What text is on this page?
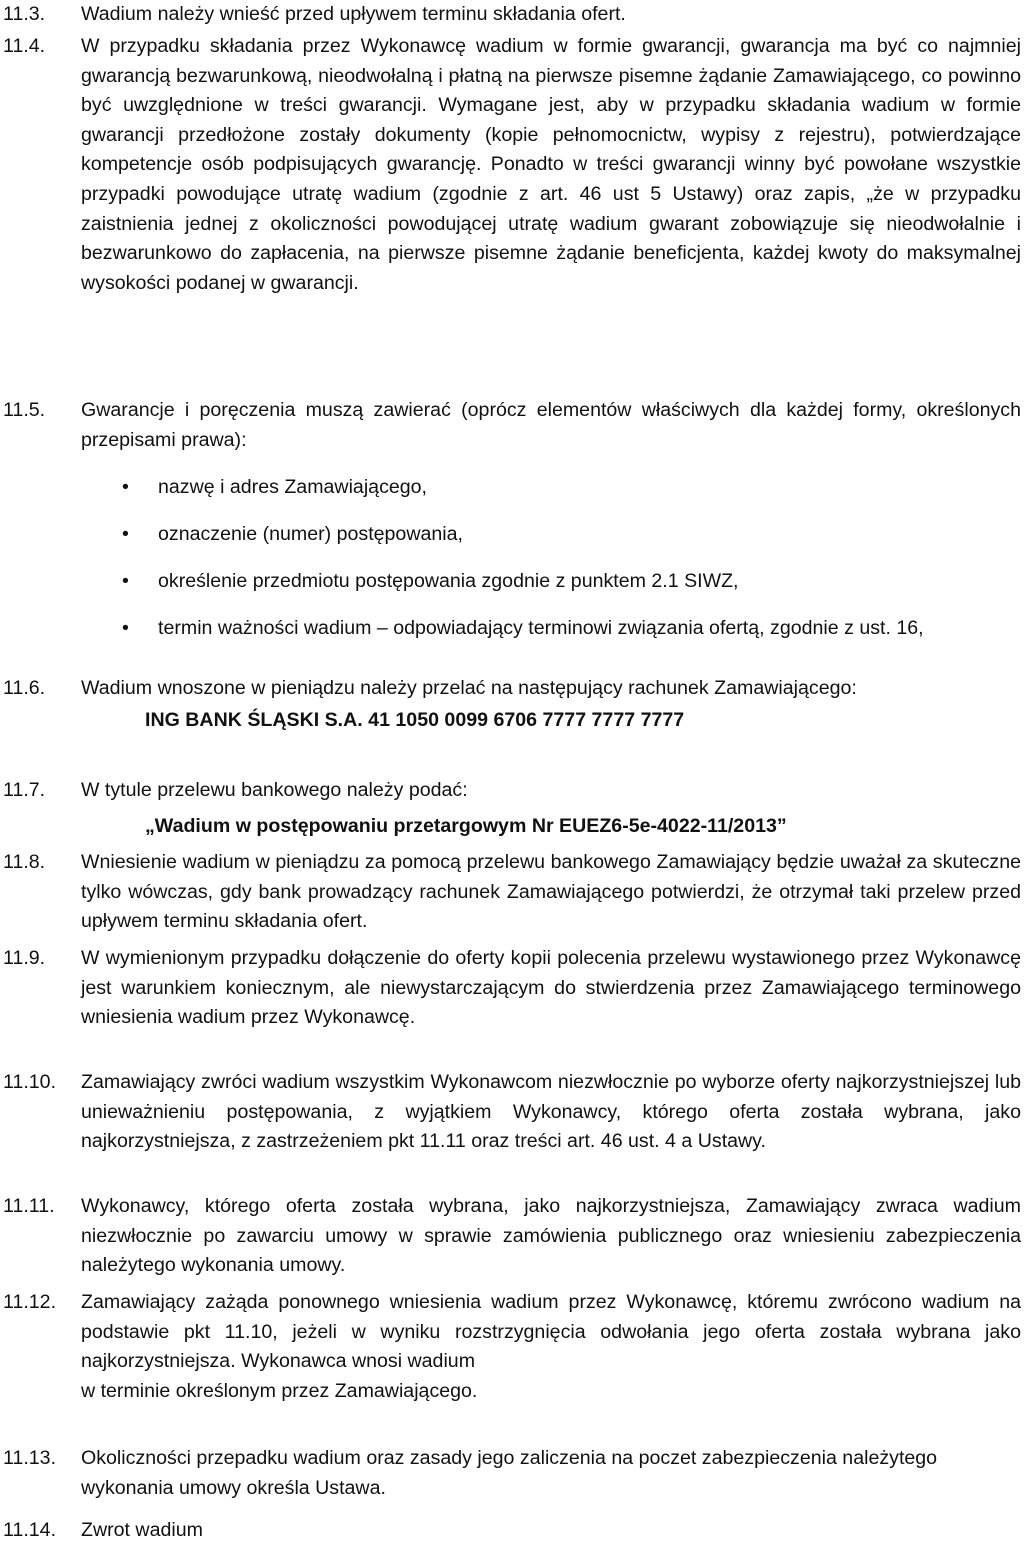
11.3.	Wadium należy wnieść przed upływem terminu składania ofert.
11.4.	W przypadku składania przez Wykonawcę wadium w formie gwarancji, gwarancja ma być co najmniej gwarancją bezwarunkową, nieodwołalną i płatną na pierwsze pisemne żądanie Zamawiającego, co powinno być uwzględnione w treści gwarancji. Wymagane jest, aby w przypadku składania wadium w formie gwarancji przedłożone zostały dokumenty (kopie pełnomocnictw, wypisy z rejestru), potwierdzające kompetencje osób podpisujących gwarancję. Ponadto w treści gwarancji winny być powołane wszystkie przypadki powodujące utratę wadium (zgodnie z art. 46 ust 5 Ustawy) oraz zapis, „że w przypadku zaistnienia jednej z okoliczności powodującej utratę wadium gwarant zobowiązuje się nieodwołalnie i bezwarunkowo do zapłacenia, na pierwsze pisemne żądanie beneficjenta, każdej kwoty do maksymalnej wysokości podanej w gwarancji.
11.5.	Gwarancje i poręczenia muszą zawierać (oprócz elementów właściwych dla każdej formy, określonych przepisami prawa):
• nazwę i adres Zamawiającego,
• oznaczenie (numer) postępowania,
• określenie przedmiotu postępowania zgodnie z punktem 2.1 SIWZ,
• termin ważności wadium – odpowiadający terminowi związania ofertą, zgodnie z ust. 16,
11.6.	Wadium wnoszone w pieniądzu należy przelać na następujący rachunek Zamawiającego:
ING BANK ŚLĄSKI S.A. 41 1050 0099 6706 7777 7777 7777
11.7.	W tytule przelewu bankowego należy podać:
„Wadium w postępowaniu przetargowym Nr EUEZ6-5e-4022-11/2013”
11.8.	Wniesienie wadium w pieniądzu za pomocą przelewu bankowego Zamawiający będzie uważał za skuteczne tylko wówczas, gdy bank prowadzący rachunek Zamawiającego potwierdzi, że otrzymał taki przelew przed upływem terminu składania ofert.
11.9.	W wymienionym przypadku dołączenie do oferty kopii polecenia przelewu wystawionego przez Wykonawcę jest warunkiem koniecznym, ale niewystarczającym do stwierdzenia przez Zamawiającego terminowego wniesienia wadium przez Wykonawcę.
11.10.	Zamawiający zwróci wadium wszystkim Wykonawcom niezwłocznie po wyborze oferty najkorzystniejszej lub unieważnieniu postępowania, z wyjątkiem Wykonawcy, którego oferta została wybrana, jako najkorzystniejsza, z zastrzeżeniem pkt 11.11 oraz treści art. 46 ust. 4 a Ustawy.
11.11.	Wykonawcy, którego oferta została wybrana, jako najkorzystniejsza, Zamawiający zwraca wadium niezwłocznie po zawarciu umowy w sprawie zamówienia publicznego oraz wniesieniu zabezpieczenia należytego wykonania umowy.
11.12.	Zamawiający zażąda ponownego wniesienia wadium przez Wykonawcę, któremu zwrócono wadium na podstawie pkt 11.10, jeżeli w wyniku rozstrzygnięcia odwołania jego oferta została wybrana jako najkorzystniejsza. Wykonawca wnosi wadium
w terminie określonym przez Zamawiającego.
11.13.	Okoliczności przepadku wadium oraz zasady jego zaliczenia na poczet zabezpieczenia należytego wykonania umowy określa Ustawa.
11.14.	Zwrot wadium
